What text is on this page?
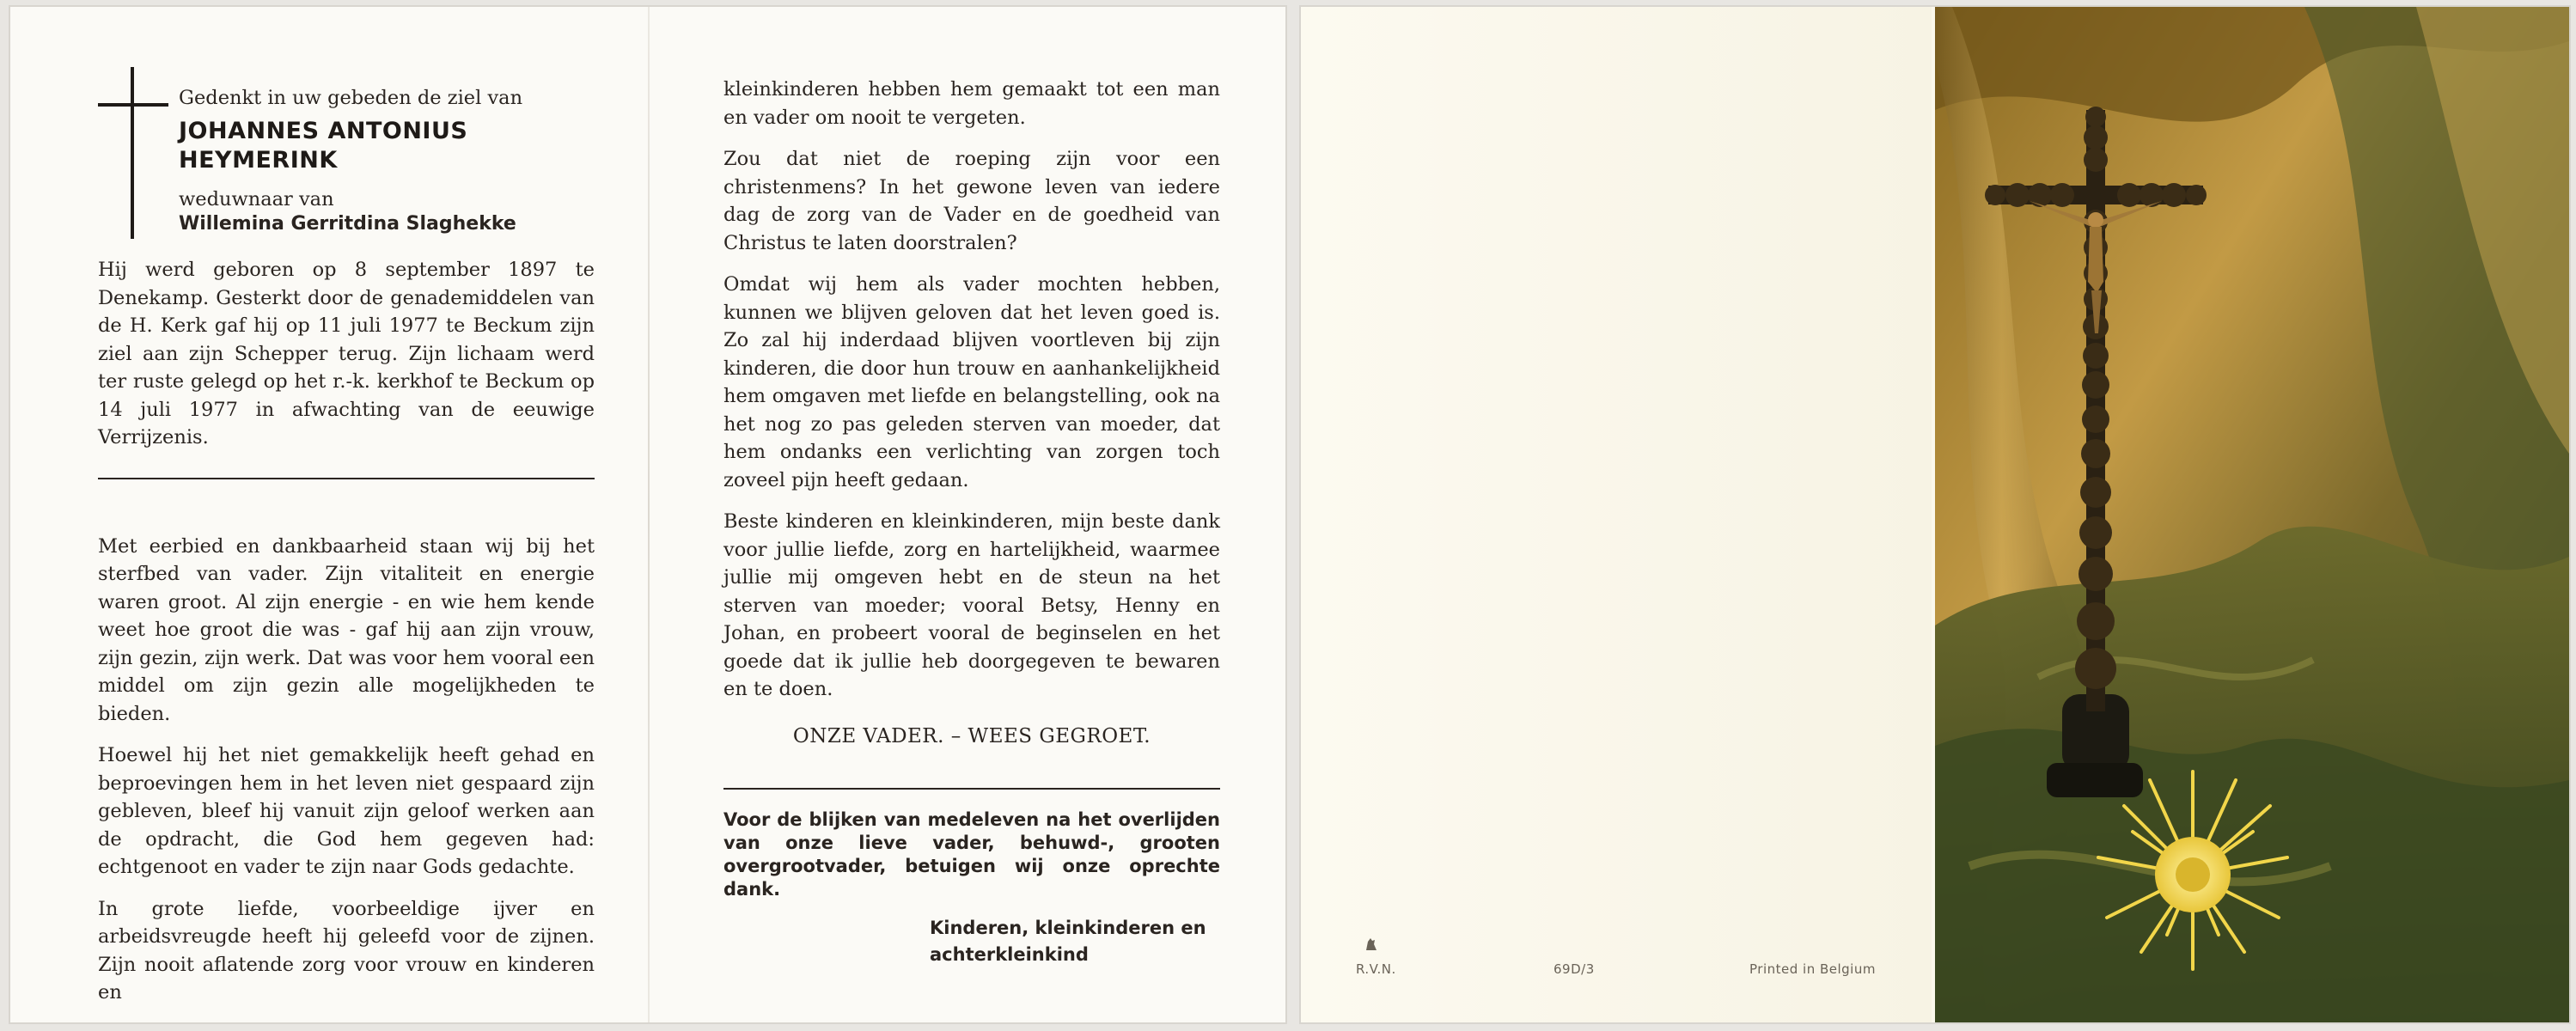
Gedenkt in uw gebeden de ziel van
JOHANNES ANTONIUS
HEYMERINK
weduwnaar van
Willemina Gerritdina Slaghekke

Hij werd geboren op 8 september 1897 te Denekamp. Gesterkt door de genademiddelen van de H. Kerk gaf hij op 11 juli 1977 te Beckum zijn ziel aan zijn Schepper terug. Zijn lichaam werd ter ruste gelegd op het r.-k. kerkhof te Beckum op 14 juli 1977 in afwachting van de eeuwige Verrijzenis.

Met eerbied en dankbaarheid staan wij bij het sterfbed van vader. Zijn vitaliteit en energie waren groot. Al zijn energie - en wie hem kende weet hoe groot die was - gaf hij aan zijn vrouw, zijn gezin, zijn werk. Dat was voor hem vooral een middel om zijn gezin alle mogelijkheden te bieden.

Hoewel hij het niet gemakkelijk heeft gehad en beproevingen hem in het leven niet gespaard zijn gebleven, bleef hij vanuit zijn geloof werken aan de opdracht, die God hem gegeven had: echtgenoot en vader te zijn naar Gods gedachte.

In grote liefde, voorbeeldige ijver en arbeidsvreugde heeft hij geleefd voor de zijnen. Zijn nooit aflatende zorg voor vrouw en kinderen en

kleinkinderen hebben hem gemaakt tot een man en vader om nooit te vergeten.

Zou dat niet de roeping zijn voor een christenmens? In het gewone leven van iedere dag de zorg van de Vader en de goedheid van Christus te laten doorstralen?

Omdat wij hem als vader mochten hebben, kunnen we blijven geloven dat het leven goed is. Zo zal hij inderdaad blijven voortleven bij zijn kinderen, die door hun trouw en aanhankelijkheid hem omgaven met liefde en belangstelling, ook na het nog zo pas geleden sterven van moeder, dat hem ondanks een verlichting van zorgen toch zoveel pijn heeft gedaan.

Beste kinderen en kleinkinderen, mijn beste dank voor jullie liefde, zorg en hartelijkheid, waarmee jullie mij omgeven hebt en de steun na het sterven van moeder; vooral Betsy, Henny en Johan, en probeert vooral de beginselen en het goede dat ik jullie heb doorgegeven te bewaren en te doen.

ONZE VADER. – WEES GEGROET.

Voor de blijken van medeleven na het overlijden van onze lieve vader, behuwd-, grooten overgrootvader, betuigen wij onze oprechte dank.

Kinderen, kleinkinderen en
achterkleinkind
R.V.N.	69D/3	Printed in Belgium
